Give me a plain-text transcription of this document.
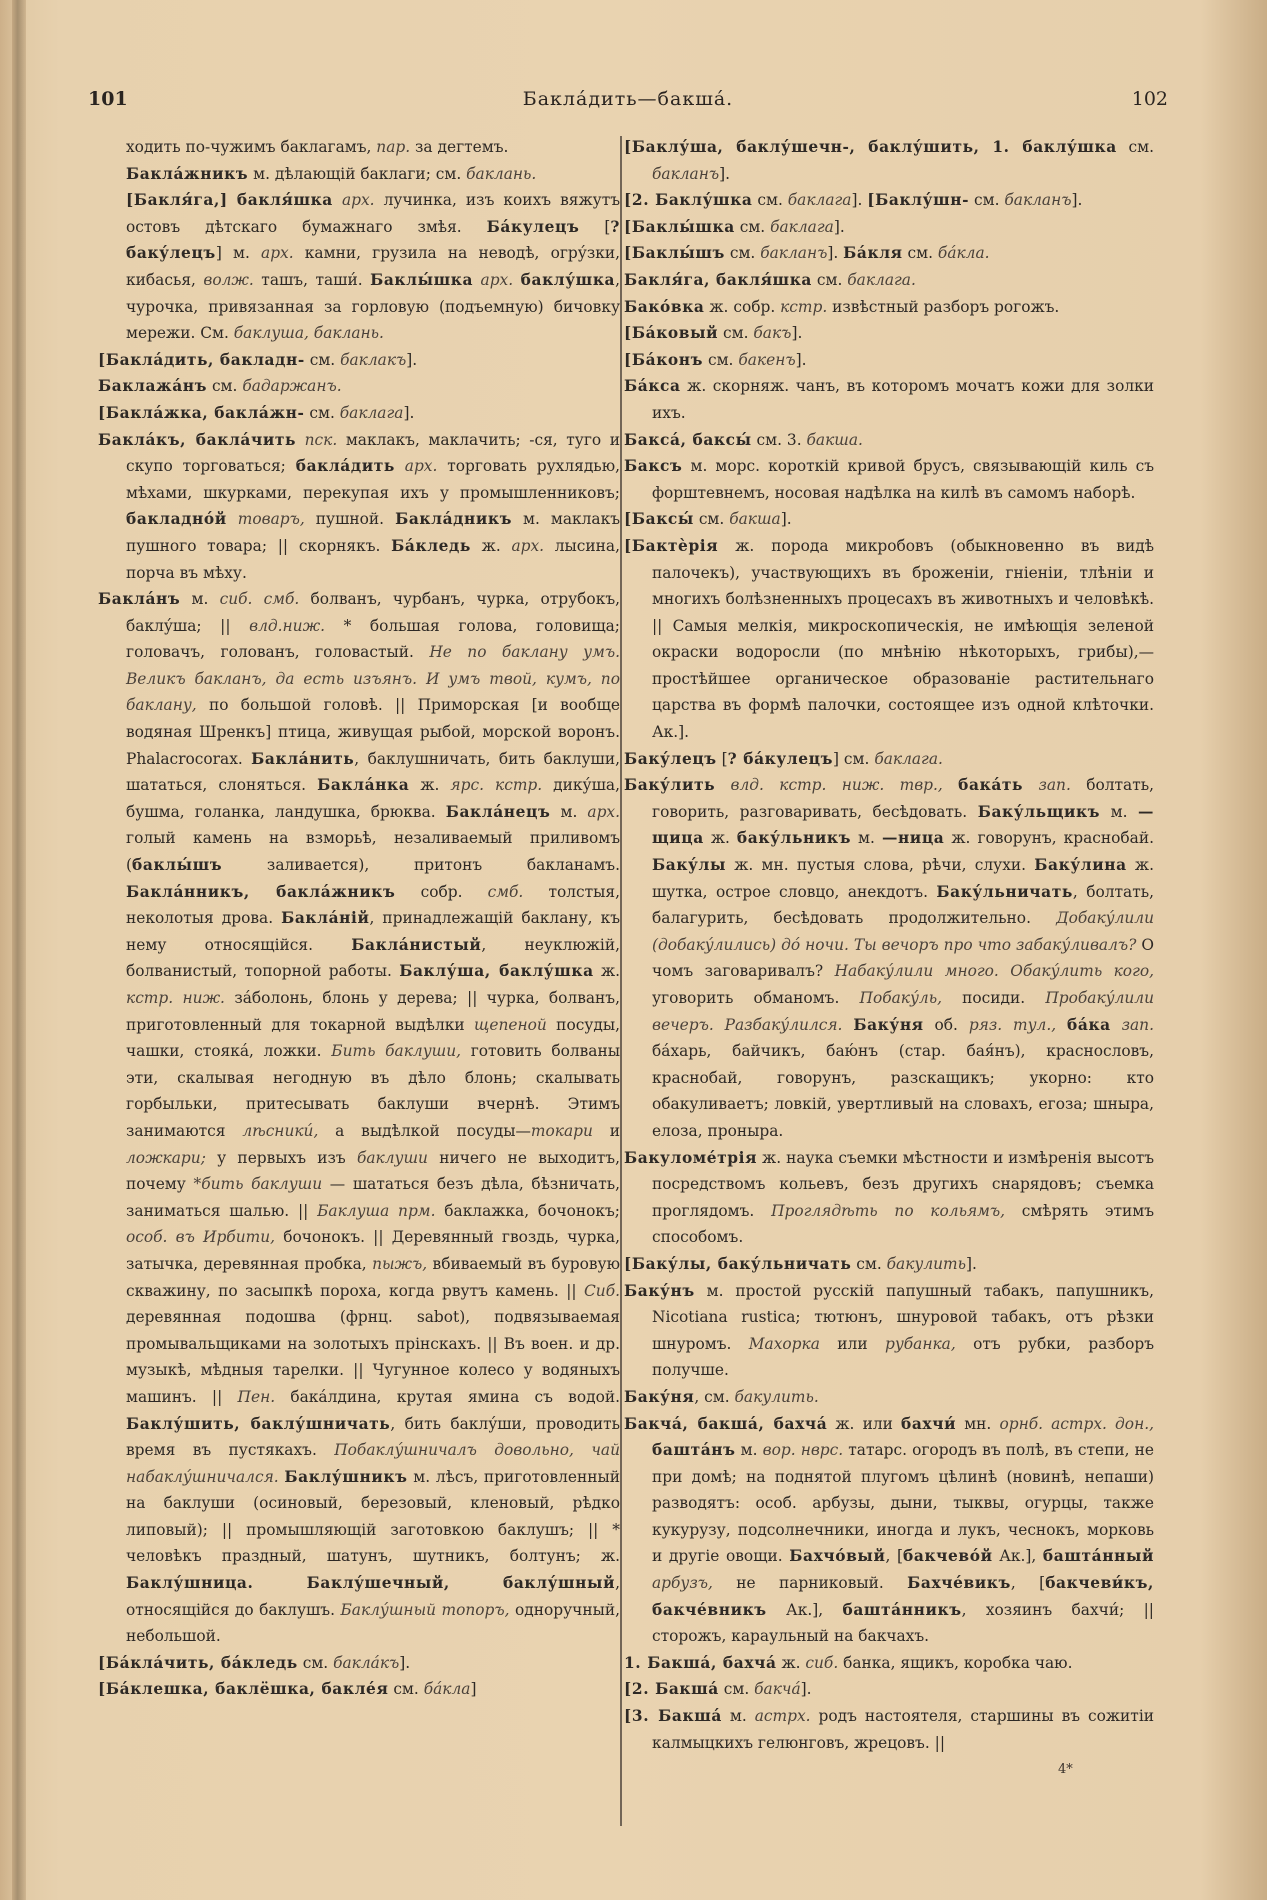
101	Бакла́дить—бакша́.	102

ходить по-чужимъ баклагамъ, пар. за дегтемъ.

Бакла́жникъ м. дѣлающій баклаги; см. баклань.

[Бакля́га,] бакля́шка арх. лучинка, изъ коихъ вяжутъ остовъ дѣтскаго бумажнаго змѣя. Ба́кулецъ [? баку́лецъ] м. арх. камни, грузила на неводѣ, огру́зки, кибасья, волж. ташъ, таши́. Баклы́шка арх. баклу́шка, чурочка, привязанная за горловую (подъемную) бичовку мережи. См. баклуша, баклань.

[Бакла́дить, бакладн- см. баклакъ].

Баклажа́нъ см. бадаржанъ.

[Бакла́жка, бакла́жн- см. баклага].

Бакла́къ, бакла́чить пск. маклакъ, маклачить; -ся, туго и скупо торговаться; бакла́дить арх. торговать рухлядью, мѣхами, шкурками, перекупая ихъ у промышленниковъ; бакладно́й товаръ, пушной. Бакла́дникъ м. маклакъ пушного товара; || скорнякъ. Ба́кледь ж. арх. лысина, порча въ мѣху.

Бакла́нъ м. сиб. смб. болванъ, чурбанъ, чурка, отрубокъ, баклу́ша; || влд.ниж. * большая голова, головища; головачъ, голованъ, головастый. Не по баклану умъ. Великъ бакланъ, да есть изъянъ. И умъ твой, кумъ, по баклану, по большой головѣ. || Приморская [и вообще водяная Шренкъ] птица, живущая рыбой, морской воронъ. Phalacrocorax. Бакла́нить, баклушничать, бить баклуши, шататься, слоняться. Бакла́нка ж. ярс. кстр. дику́ша, бушма, голанка, ландушка, брюква. Бакла́нецъ м. арх. голый камень на взморьѣ, незаливаемый приливомъ (баклы́шъ заливается), притонъ бакланамъ. Бакла́нникъ, бакла́жникъ собр. смб. толстыя, неколотыя дрова. Бакла́ній, принадлежащій баклану, къ нему относящійся. Бакла́нистый, неуклюжій, болванистый, топорной работы. Баклу́ша, баклу́шка ж. кстр. ниж. за́болонь, блонь у дерева; || чурка, болванъ, приготовленный для токарной выдѣлки щепеной посуды, чашки, стояка́, ложки. Бить баклуши, готовить болваны эти, скалывая негодную въ дѣло блонь; скалывать горбыльки, притесывать баклуши вчернѣ. Этимъ занимаются лѣсники́, а выдѣлкой посуды—токари и ложкари; у первыхъ изъ баклуши ничего не выходитъ, почему *бить баклуши — шататься безъ дѣла, бѣзничать, заниматься шалью. || Баклуша прм. баклажка, бочонокъ; особ. въ Ирбити, бочонокъ. || Деревянный гвоздь, чурка, затычка, деревянная пробка, пыжъ, вбиваемый въ буровую скважину, по засыпкѣ пороха, когда рвутъ камень. || Сиб. деревянная подошва (фрнц. sabot), подвязываемая промывальщиками на золотыхъ прінскахъ. || Въ воен. и др. музыкѣ, мѣдныя тарелки. || Чугунное колесо у водяныхъ машинъ. || Пен. бака́лдина, крутая ямина съ водой. Баклу́шить, баклу́шничать, бить баклу́ши, проводить время въ пустякахъ. Побаклу́шничалъ довольно, чай набаклу́шничался. Баклу́шникъ м. лѣсъ, приготовленный на баклуши (осиновый, березовый, кленовый, рѣдко липовый); || промышляющій заготовкою баклушъ; || * человѣкъ праздный, шатунъ, шутникъ, болтунъ; ж. Баклу́шница. Баклу́шечный, баклу́шный, относящійся до баклушъ. Баклу́шный топоръ, одноручный, небольшой.

[Ба́кла́чить, ба́кледь см. бакла́къ].

[Ба́клешка, баклёшка, бакле́я см. ба́кла]

[Баклу́ша, баклу́шечн-, баклу́шить, 1. баклу́шка см. бакланъ].

[2. Баклу́шка см. баклага]. [Баклу́шн- см. бакланъ].

[Баклы́шка см. баклага].

[Баклы́шъ см. бакланъ]. Ба́кля см. ба́кла.

Бакля́га, бакля́шка см. баклага.

Бако́вка ж. собр. кстр. извѣстный разборъ рогожъ.

[Ба́ковый см. бакъ].

[Ба́конъ см. бакенъ].

Ба́кса ж. скорняж. чанъ, въ которомъ мочатъ кожи для золки ихъ.

Бакса́, баксы́ см. 3. бакша.

Баксъ м. морс. короткій кривой брусъ, связывающій киль съ форштевнемъ, носовая надѣлка на килѣ въ самомъ наборѣ.

[Баксы́ см. бакша].

[Бактѐрія ж. порода микробовъ (обыкновенно въ видѣ палочекъ), участвующихъ въ броженіи, гніеніи, тлѣніи и многихъ болѣзненныхъ процесахъ въ животныхъ и человѣкѣ. || Самыя мелкія, микроскопическія, не имѣющія зеленой окраски водоросли (по мнѣнію нѣкоторыхъ, грибы),—простѣйшее органическое образованіе растительнаго царства въ формѣ палочки, состоящее изъ одной клѣточки. Ак.].

Баку́лецъ [? ба́кулецъ] см. баклага.

Баку́лить влд. кстр. ниж. твр., бака́ть зап. болтать, говорить, разговаривать, бесѣдовать. Баку́льщикъ м. —щица ж. баку́льникъ м. —ница ж. говорунъ, краснобай. Баку́лы ж. мн. пустыя слова, рѣчи, слухи. Баку́лина ж. шутка, острое словцо, анекдотъ. Баку́льничать, болтать, балагурить, бесѣдовать продолжительно. Добаку́лили (добаку́лились) до́ ночи. Ты вечоръ про что забаку́ливалъ? О чомъ заговаривалъ? Набаку́лили много. Обаку́лить кого, уговорить обманомъ. Побаку́ль, посиди. Пробаку́лили вечеръ. Разбаку́лился. Баку́ня об. ряз. тул., ба́ка зап. ба́харь, байчикъ, баю́нъ (стар. бая́нъ), краснословъ, краснобай, говорунъ, разскащикъ; укорно: кто обакуливаетъ; ловкій, увертливый на словахъ, егоза; шныра, елоза, пронырa.

Бакуломе́трія ж. наука съемки мѣстности и измѣренія высотъ посредствомъ кольевъ, безъ другихъ снарядовъ; съемка проглядомъ. Проглядѣть по кольямъ, смѣрять этимъ способомъ.

[Баку́лы, баку́льничать см. бакулить].

Баку́нъ м. простой русскій папушный табакъ, папушникъ, Nicotiana rustica; тютюнъ, шнуровой табакъ, отъ рѣзки шнуромъ. Махорка или рубанка, отъ рубки, разборъ получше.

Баку́ня, см. бакулить.

Бакча́, бакша́, бахча́ ж. или бахчи́ мн. орнб. астрх. дон., башта́нъ м. вор. нврс. татарс. огородъ въ полѣ, въ степи, не при домѣ; на поднятой плугомъ цѣлинѣ (новинѣ, непаши) разводятъ: особ. арбузы, дыни, тыквы, огурцы, также кукурузу, подсолнечники, иногда и лукъ, чеснокъ, морковь и другіе овощи. Бахчо́вый, [бакчево́й Ак.], башта́нный арбузъ, не парниковый. Бахче́викъ, [бакчеви́къ, бакче́вникъ Ак.], башта́нникъ, хозяинъ бахчи́; || сторожъ, караульный на бакчахъ.

1. Бакша́, бахча́ ж. сиб. банка, ящикъ, коробка чаю.

[2. Бакша́ см. бакча́].

[3. Бакша́ м. астрх. родъ настоятеля, старшины въ сожитіи калмыцкихъ гелюнговъ, жрецовъ. ||

4*
